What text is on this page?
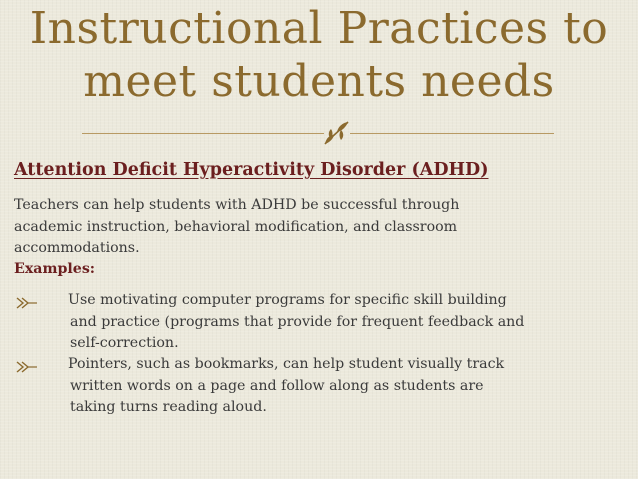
Instructional Practices to
meet students needs
Attention Deficit Hyperactivity Disorder (ADHD)
Teachers can help students with ADHD be successful through
academic instruction, behavioral modification, and classroom
accommodations.
Examples:
Use motivating computer programs for specific skill building
and practice (programs that provide for frequent feedback and
self-correction.
Pointers, such as bookmarks, can help student visually track
written words on a page and follow along as students are
taking turns reading aloud.
